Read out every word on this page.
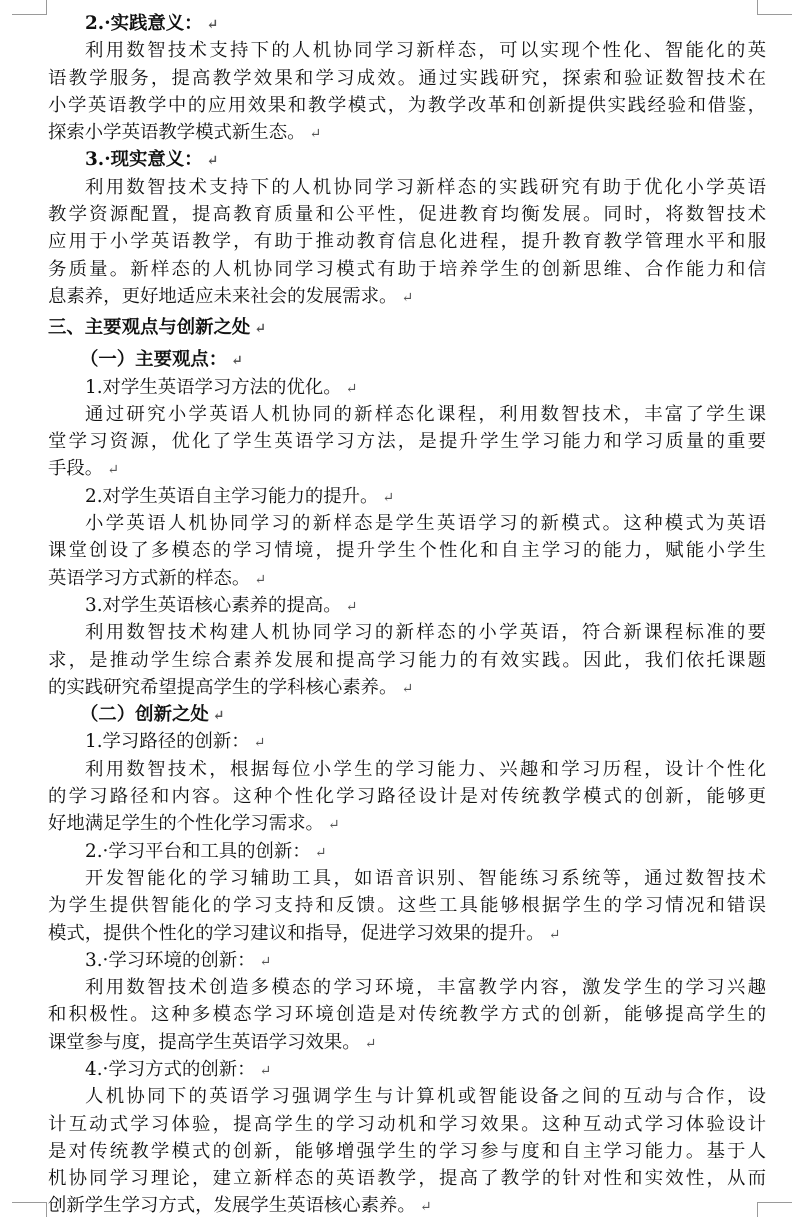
2.·实践意义： ↵
利用数智技术支持下的人机协同学习新样态，可以实现个性化、智能化的英
语教学服务，提高教学效果和学习成效。通过实践研究，探索和验证数智技术在
小学英语教学中的应用效果和教学模式，为教学改革和创新提供实践经验和借鉴，
探索小学英语教学模式新生态。 ↵
3.·现实意义： ↵
利用数智技术支持下的人机协同学习新样态的实践研究有助于优化小学英语
教学资源配置，提高教育质量和公平性，促进教育均衡发展。同时，将数智技术
应用于小学英语教学，有助于推动教育信息化进程，提升教育教学管理水平和服
务质量。新样态的人机协同学习模式有助于培养学生的创新思维、合作能力和信
息素养，更好地适应未来社会的发展需求。 ↵
三、主要观点与创新之处 ↵
（一）主要观点： ↵
1.对学生英语学习方法的优化。 ↵
通过研究小学英语人机协同的新样态化课程，利用数智技术，丰富了学生课
堂学习资源，优化了学生英语学习方法，是提升学生学习能力和学习质量的重要
手段。 ↵
2.对学生英语自主学习能力的提升。 ↵
小学英语人机协同学习的新样态是学生英语学习的新模式。这种模式为英语
课堂创设了多模态的学习情境，提升学生个性化和自主学习的能力，赋能小学生
英语学习方式新的样态。 ↵
3.对学生英语核心素养的提高。 ↵
利用数智技术构建人机协同学习的新样态的小学英语，符合新课程标准的要
求，是推动学生综合素养发展和提高学习能力的有效实践。因此，我们依托课题
的实践研究希望提高学生的学科核心素养。 ↵
（二）创新之处 ↵
1.学习路径的创新： ↵
利用数智技术，根据每位小学生的学习能力、兴趣和学习历程，设计个性化
的学习路径和内容。这种个性化学习路径设计是对传统教学模式的创新，能够更
好地满足学生的个性化学习需求。 ↵
2.·学习平台和工具的创新： ↵
开发智能化的学习辅助工具，如语音识别、智能练习系统等，通过数智技术
为学生提供智能化的学习支持和反馈。这些工具能够根据学生的学习情况和错误
模式，提供个性化的学习建议和指导，促进学习效果的提升。 ↵
3.·学习环境的创新： ↵
利用数智技术创造多模态的学习环境，丰富教学内容，激发学生的学习兴趣
和积极性。这种多模态学习环境创造是对传统教学方式的创新，能够提高学生的
课堂参与度，提高学生英语学习效果。 ↵
4.·学习方式的创新： ↵
人机协同下的英语学习强调学生与计算机或智能设备之间的互动与合作，设
计互动式学习体验，提高学生的学习动机和学习效果。这种互动式学习体验设计
是对传统教学模式的创新，能够增强学生的学习参与度和自主学习能力。基于人
机协同学习理论，建立新样态的英语教学，提高了教学的针对性和实效性，从而
创新学生学习方式，发展学生英语核心素养。 ↵
